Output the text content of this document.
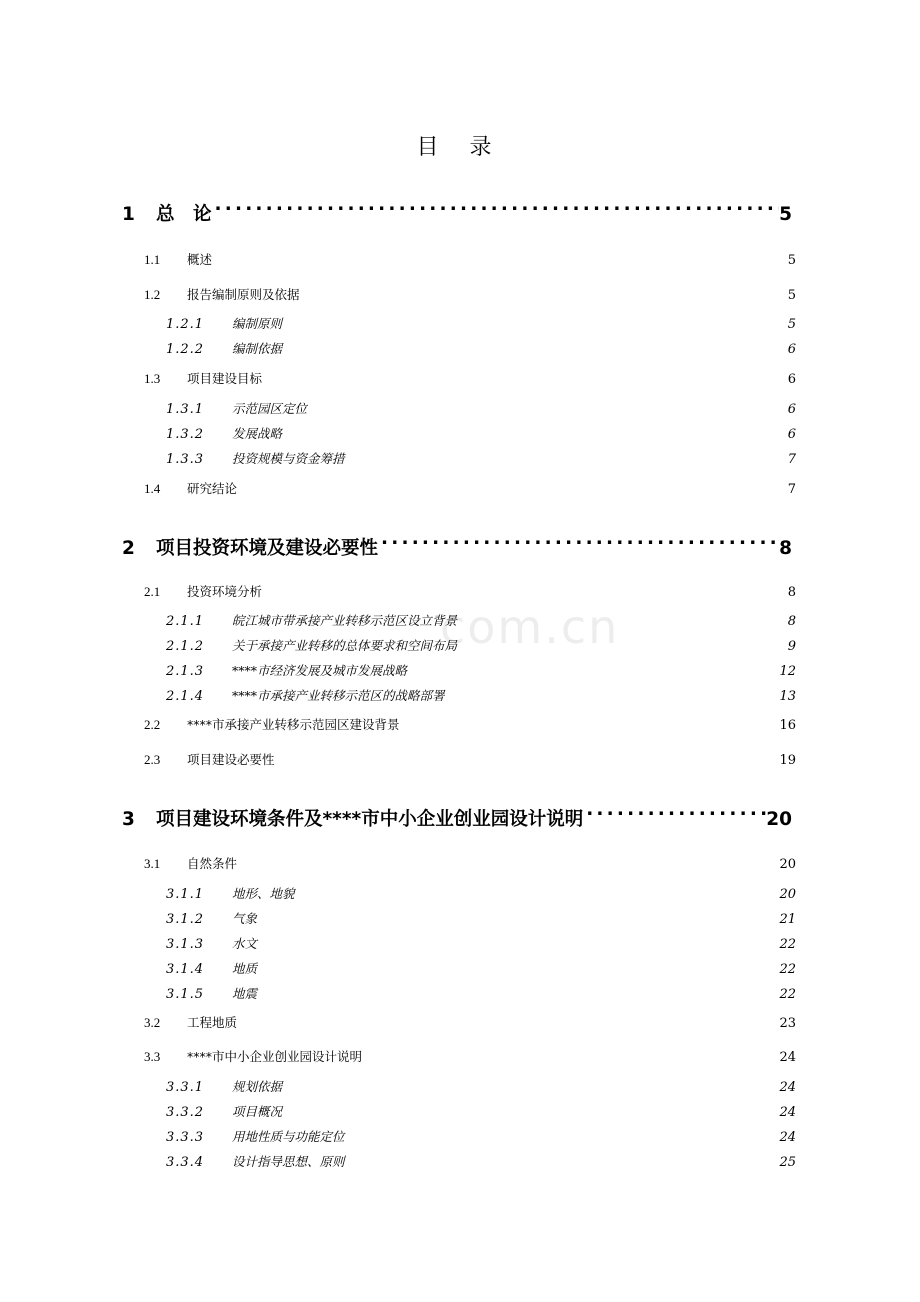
目 录
com.cn
1	总　论 .....	5
1.1	概述	5
1.2	报告编制原则及依据	5
1.2.1	编制原则	5
1.2.2	编制依据	6
1.3	项目建设目标	6
1.3.1	示范园区定位	6
1.3.2	发展战略	6
1.3.3	投资规模与资金筹措	7
1.4	研究结论	7
2	项目投资环境及建设必要性 .....	8
2.1	投资环境分析	8
2.1.1	皖江城市带承接产业转移示范区设立背景	8
2.1.2	关于承接产业转移的总体要求和空间布局	9
2.1.3	****市经济发展及城市发展战略	12
2.1.4	****市承接产业转移示范区的战略部署	13
2.2	****市承接产业转移示范园区建设背景	16
2.3	项目建设必要性	19
3	项目建设环境条件及****市中小企业创业园设计说明 .....	20
3.1	自然条件	20
3.1.1	地形、地貌	20
3.1.2	气象	21
3.1.3	水文	22
3.1.4	地质	22
3.1.5	地震	22
3.2	工程地质	23
3.3	****市中小企业创业园设计说明	24
3.3.1	规划依据	24
3.3.2	项目概况	24
3.3.3	用地性质与功能定位	24
3.3.4	设计指导思想、原则	25
